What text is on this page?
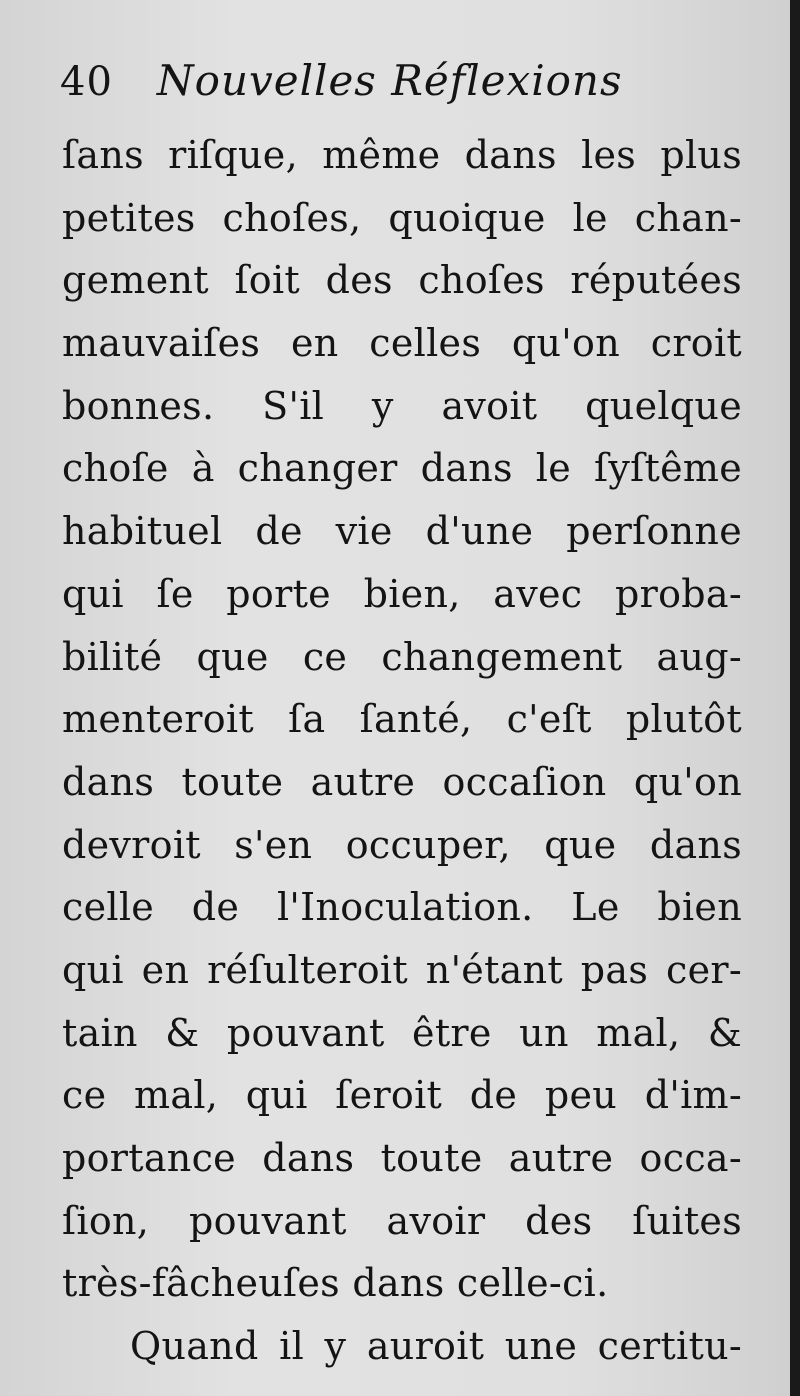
40 Nouvelles Réflexions
ſans riſque, même dans les plus
petites choſes, quoique le chan-
gement ſoit des choſes réputées
mauvaiſes en celles qu'on croit
bonnes. S'il y avoit quelque
choſe à changer dans le ſyſtême
habituel de vie d'une perſonne
qui ſe porte bien, avec proba-
bilité que ce changement aug-
menteroit ſa ſanté, c'eſt plutôt
dans toute autre occaſion qu'on
devroit s'en occuper, que dans
celle de l'Inoculation. Le bien
qui en réſulteroit n'étant pas cer-
tain & pouvant être un mal, &
ce mal, qui ſeroit de peu d'im-
portance dans toute autre occa-
ſion, pouvant avoir des ſuites
très-fâcheuſes dans celle-ci.
Quand il y auroit une certitu-
